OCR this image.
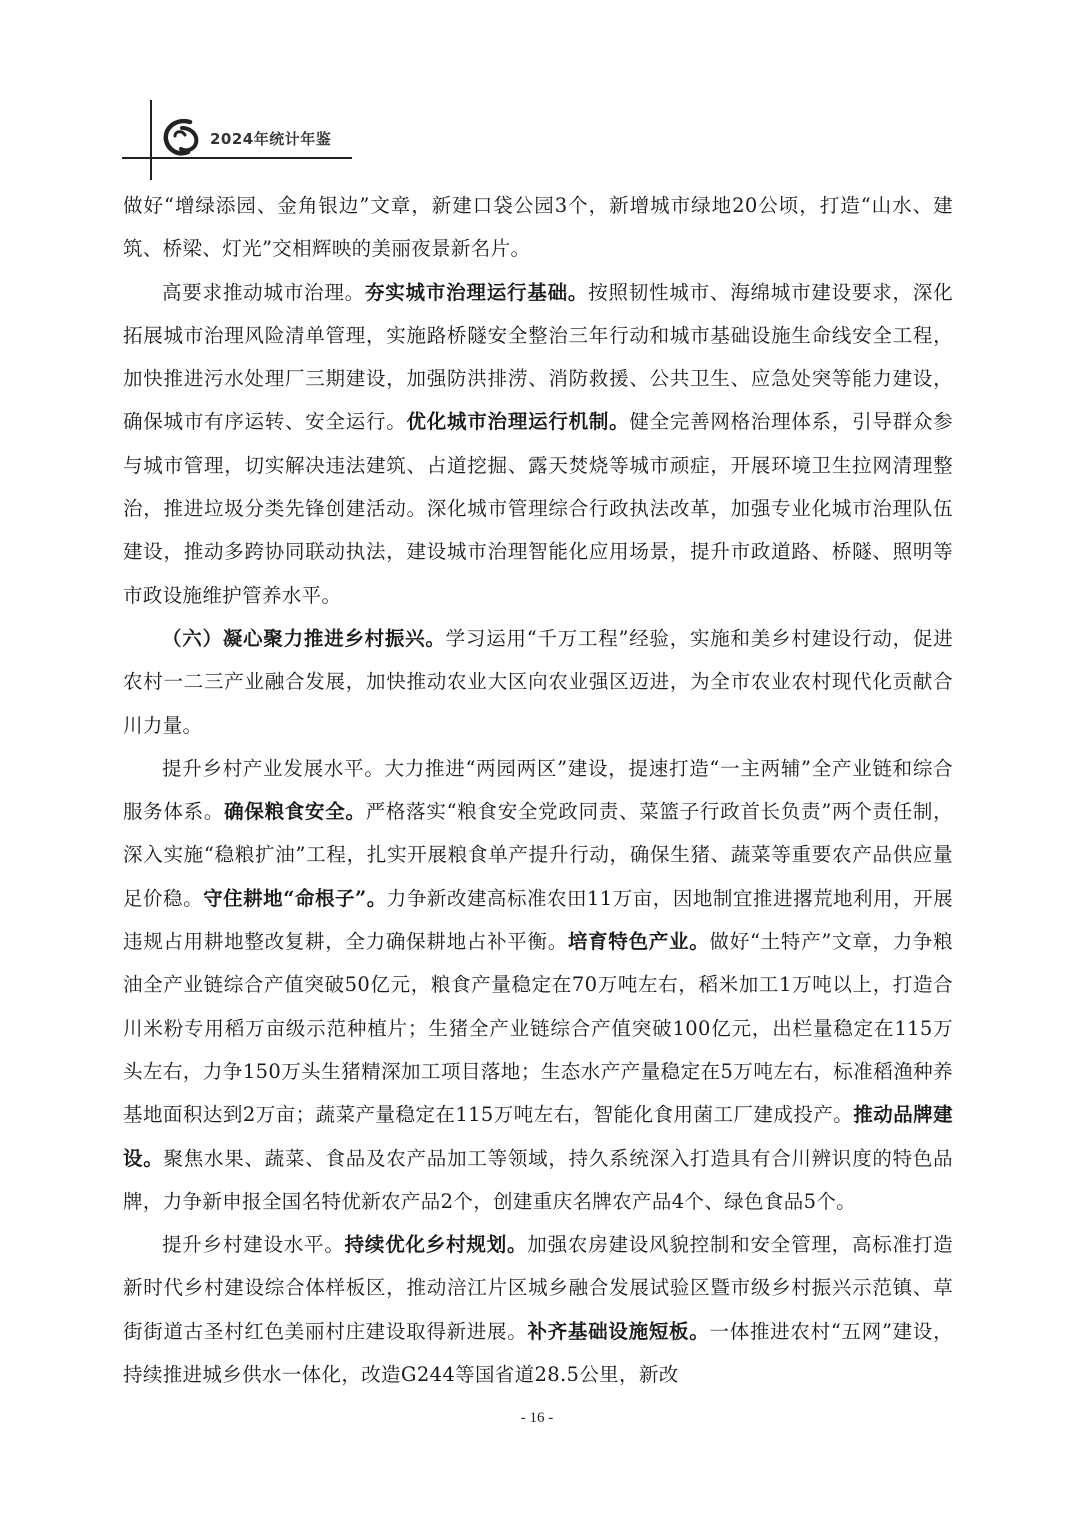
2024年统计年鉴

做好“增绿添园、金角银边”文章，新建口袋公园3个，新增城市绿地20公顷，打造“山水、建筑、桥梁、灯光”交相辉映的美丽夜景新名片。

高要求推动城市治理。夯实城市治理运行基础。按照韧性城市、海绵城市建设要求，深化拓展城市治理风险清单管理，实施路桥隧安全整治三年行动和城市基础设施生命线安全工程，加快推进污水处理厂三期建设，加强防洪排涝、消防救援、公共卫生、应急处突等能力建设，确保城市有序运转、安全运行。优化城市治理运行机制。健全完善网格治理体系，引导群众参与城市管理，切实解决违法建筑、占道挖掘、露天焚烧等城市顽症，开展环境卫生拉网清理整治，推进垃圾分类先锋创建活动。深化城市管理综合行政执法改革，加强专业化城市治理队伍建设，推动多跨协同联动执法，建设城市治理智能化应用场景，提升市政道路、桥隧、照明等市政设施维护管养水平。

（六）凝心聚力推进乡村振兴。学习运用“千万工程”经验，实施和美乡村建设行动，促进农村一二三产业融合发展，加快推动农业大区向农业强区迈进，为全市农业农村现代化贡献合川力量。

提升乡村产业发展水平。大力推进“两园两区”建设，提速打造“一主两辅”全产业链和综合服务体系。确保粮食安全。严格落实“粮食安全党政同责、菜篮子行政首长负责”两个责任制，深入实施“稳粮扩油”工程，扎实开展粮食单产提升行动，确保生猪、蔬菜等重要农产品供应量足价稳。守住耕地“命根子”。力争新改建高标准农田11万亩，因地制宜推进撂荒地利用，开展违规占用耕地整改复耕，全力确保耕地占补平衡。培育特色产业。做好“土特产”文章，力争粮油全产业链综合产值突破50亿元，粮食产量稳定在70万吨左右，稻米加工1万吨以上，打造合川米粉专用稻万亩级示范种植片；生猪全产业链综合产值突破100亿元，出栏量稳定在115万头左右，力争150万头生猪精深加工项目落地；生态水产产量稳定在5万吨左右，标准稻渔种养基地面积达到2万亩；蔬菜产量稳定在115万吨左右，智能化食用菌工厂建成投产。推动品牌建设。聚焦水果、蔬菜、食品及农产品加工等领域，持久系统深入打造具有合川辨识度的特色品牌，力争新申报全国名特优新农产品2个，创建重庆名牌农产品4个、绿色食品5个。

提升乡村建设水平。持续优化乡村规划。加强农房建设风貌控制和安全管理，高标准打造新时代乡村建设综合体样板区，推动涪江片区城乡融合发展试验区暨市级乡村振兴示范镇、草街街道古圣村红色美丽村庄建设取得新进展。补齐基础设施短板。一体推进农村“五网”建设，持续推进城乡供水一体化，改造G244等国省道28.5公里，新改

- 16 -
